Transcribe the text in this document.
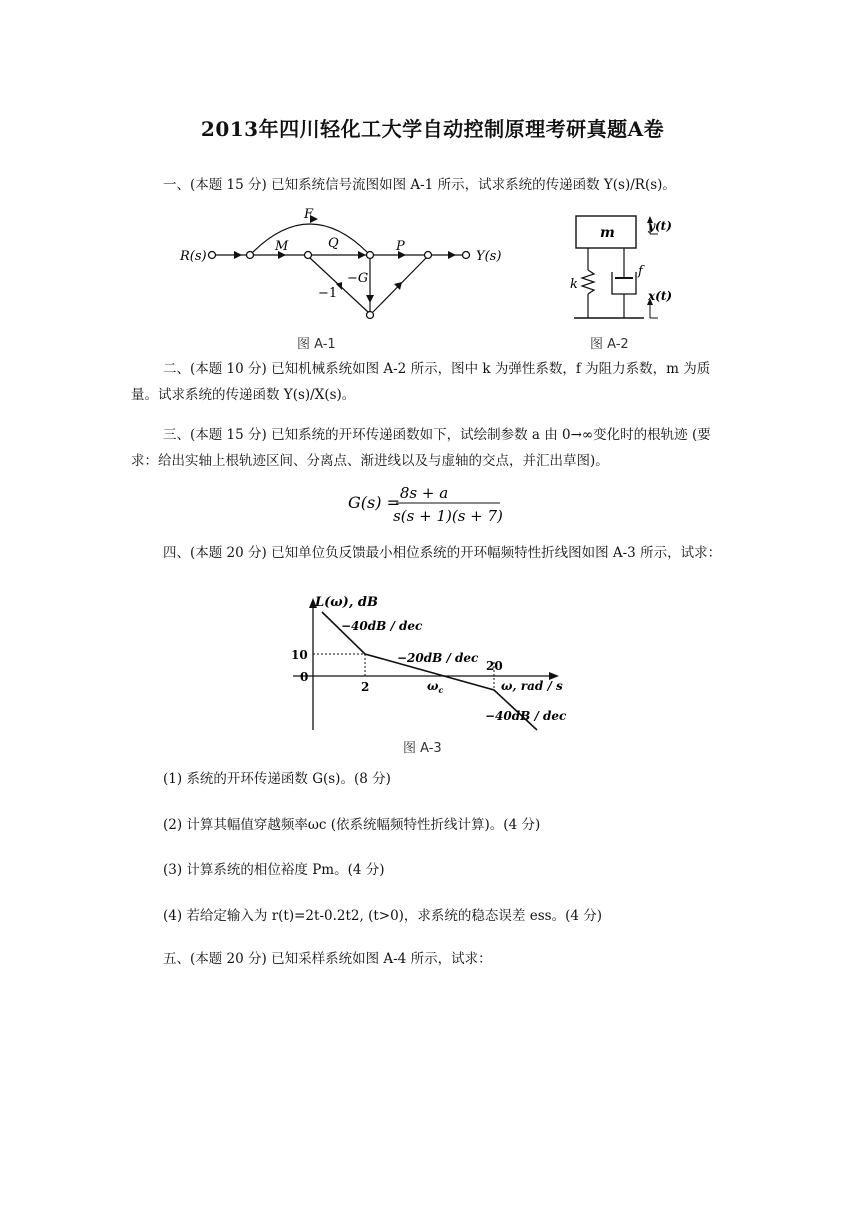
2013年四川轻化工大学自动控制原理考研真题A卷
一、(本题 15 分) 已知系统信号流图如图 A-1 所示，试求系统的传递函数 Y(s)/R(s)。
R(s)	Y(s)
F
M	Q	P
−G
−1
图 A-1
m
k
f
y(t)
x(t)
图 A-2
二、(本题 10 分) 已知机械系统如图 A-2 所示，图中 k 为弹性系数，f 为阻力系数，m 为质量。试求系统的传递函数 Y(s)/X(s)。
三、(本题 15 分) 已知系统的开环传递函数如下，试绘制参数 a 由 0→∞变化时的根轨迹 (要求：给出实轴上根轨迹区间、分离点、渐进线以及与虚轴的交点，并汇出草图)。
G(s) = 8s + a
s(s + 1)(s + 7)
四、(本题 20 分) 已知单位负反馈最小相位系统的开环幅频特性折线图如图 A-3 所示，试求：
L(ω), dB
−40dB / dec
−20dB / dec
−40dB / dec
10
0
2
20
$\omega_c$	ω, rad / s
图 A-3
(1) 系统的开环传递函数 G(s)。(8 分)
(2) 计算其幅值穿越频率ωc (依系统幅频特性折线计算)。(4 分)
(3) 计算系统的相位裕度 Pm。(4 分)
(4) 若给定输入为 r(t)=2t-0.2t2, (t>0)，求系统的稳态误差 ess。(4 分)
五、(本题 20 分) 已知采样系统如图 A-4 所示，试求：
